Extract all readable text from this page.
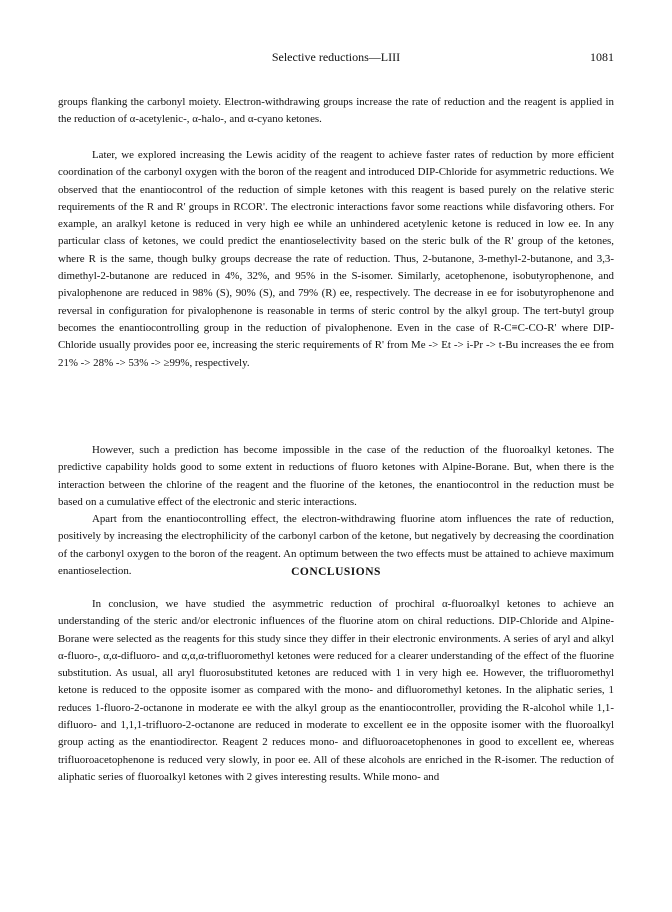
Selective reductions—LIII	1081

groups flanking the carbonyl moiety. Electron-withdrawing groups increase the rate of reduction and the reagent is applied in the reduction of α-acetylenic-, α-halo-, and α-cyano ketones.

Later, we explored increasing the Lewis acidity of the reagent to achieve faster rates of reduction by more efficient coordination of the carbonyl oxygen with the boron of the reagent and introduced DIP-Chloride for asymmetric reductions. We observed that the enantiocontrol of the reduction of simple ketones with this reagent is based purely on the relative steric requirements of the R and R' groups in RCOR'. The electronic interactions favor some reactions while disfavoring others. For example, an aralkyl ketone is reduced in very high ee while an unhindered acetylenic ketone is reduced in low ee. In any particular class of ketones, we could predict the enantioselectivity based on the steric bulk of the R' group of the ketones, where R is the same, though bulky groups decrease the rate of reduction. Thus, 2-butanone, 3-methyl-2-butanone, and 3,3-dimethyl-2-butanone are reduced in 4%, 32%, and 95% in the S-isomer. Similarly, acetophenone, isobutyrophenone, and pivalophenone are reduced in 98% (S), 90% (S), and 79% (R) ee, respectively. The decrease in ee for isobutyrophenone and reversal in configuration for pivalophenone is reasonable in terms of steric control by the alkyl group. The tert-butyl group becomes the enantiocontrolling group in the reduction of pivalophenone. Even in the case of R-C≡C-CO-R' where DIP-Chloride usually provides poor ee, increasing the steric requirements of R' from Me -> Et -> i-Pr -> t-Bu increases the ee from 21% -> 28% -> 53% -> ≥99%, respectively.

However, such a prediction has become impossible in the case of the reduction of the fluoroalkyl ketones. The predictive capability holds good to some extent in reductions of fluoro ketones with Alpine-Borane. But, when there is the interaction between the chlorine of the reagent and the fluorine of the ketones, the enantiocontrol in the reduction must be based on a cumulative effect of the electronic and steric interactions.

Apart from the enantiocontrolling effect, the electron-withdrawing fluorine atom influences the rate of reduction, positively by increasing the electrophilicity of the carbonyl carbon of the ketone, but negatively by decreasing the coordination of the carbonyl oxygen to the boron of the reagent. An optimum between the two effects must be attained to achieve maximum enantioselection.	CONCLUSIONS

In conclusion, we have studied the asymmetric reduction of prochiral α-fluoroalkyl ketones to achieve an understanding of the steric and/or electronic influences of the fluorine atom on chiral reductions. DIP-Chloride and Alpine-Borane were selected as the reagents for this study since they differ in their electronic environments. A series of aryl and alkyl α-fluoro-, α,α-difluoro- and α,α,α-trifluoromethyl ketones were reduced for a clearer understanding of the effect of the fluorine substitution. As usual, all aryl fluorosubstituted ketones are reduced with 1 in very high ee. However, the trifluoromethyl ketone is reduced to the opposite isomer as compared with the mono- and difluoromethyl ketones. In the aliphatic series, 1 reduces 1-fluoro-2-octanone in moderate ee with the alkyl group as the enantiocontroller, providing the R-alcohol while 1,1-difluoro- and 1,1,1-trifluoro-2-octanone are reduced in moderate to excellent ee in the opposite isomer with the fluoroalkyl group acting as the enantiodirector. Reagent 2 reduces mono- and difluoroacetophenones in good to excellent ee, whereas trifluoroacetophenone is reduced very slowly, in poor ee. All of these alcohols are enriched in the R-isomer. The reduction of aliphatic series of fluoroalkyl ketones with 2 gives interesting results. While mono- and
